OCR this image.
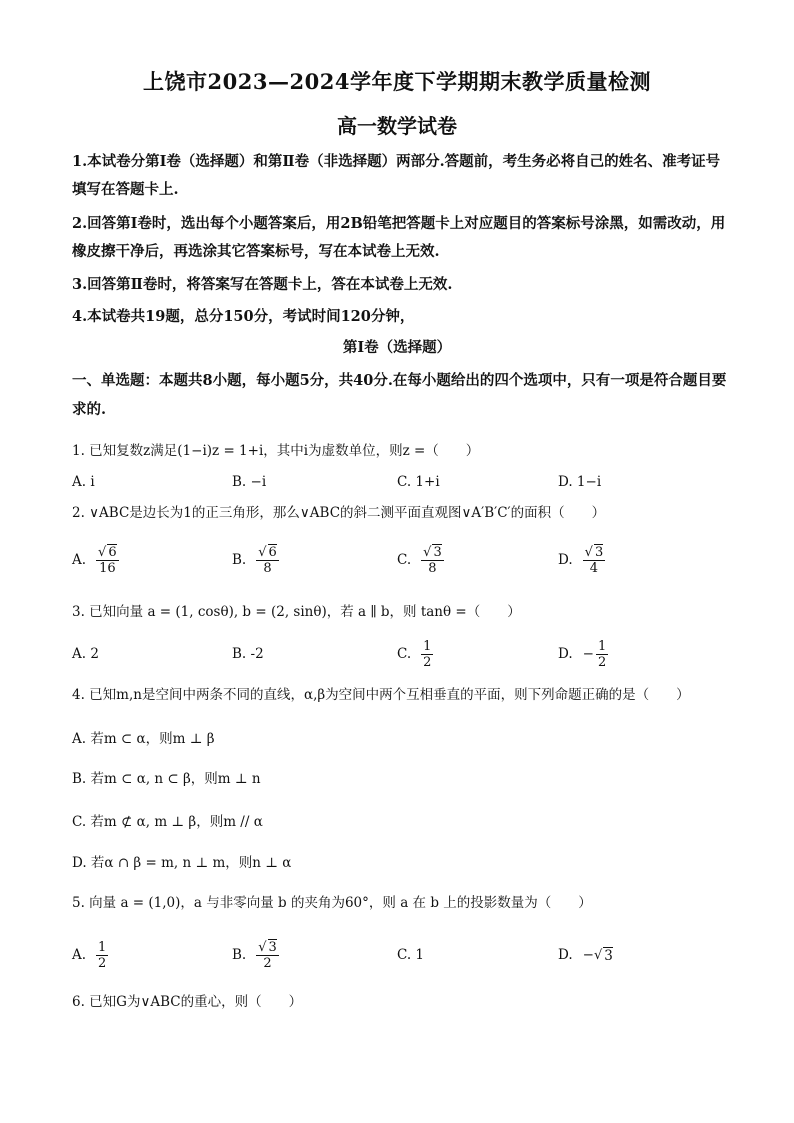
上饶市2023—2024学年度下学期期末教学质量检测
高一数学试卷
1.本试卷分第Ⅰ卷（选择题）和第Ⅱ卷（非选择题）两部分.答题前，考生务必将自己的姓名、准考证号填写在答题卡上.
2.回答第Ⅰ卷时，选出每个小题答案后，用2B铅笔把答题卡上对应题目的答案标号涂黑，如需改动，用橡皮擦干净后，再选涂其它答案标号，写在本试卷上无效.
3.回答第Ⅱ卷时，将答案写在答题卡上，答在本试卷上无效.
4.本试卷共19题，总分150分，考试时间120分钟，
第Ⅰ卷（选择题）
一、单选题：本题共8小题，每小题5分，共40分.在每小题给出的四个选项中，只有一项是符合题目要求的.
1. 已知复数z满足(1−i)z = 1+i，其中i为虚数单位，则z =（　　）
A. i	B. −i	C. 1+i	D. 1−i
2. ∨ABC是边长为1的正三角形，那么∨ABC的斜二测平面直观图∨A′B′C′的面积（　　）
A. $\frac{√ 6}{16}$	B. $\frac{√ 6}{8}$	C. $\frac{√ 3}{8}$	D. $\frac{√ 3}{4}$
3. 已知向量 a = (1, cosθ), b = (2, sinθ)，若 a ∥ b，则 tanθ =（　　）
A. 2	B. -2	C. $\frac{1}{2}$	D. − $\frac{1}{2}$
4. 已知m,n是空间中两条不同的直线，α,β为空间中两个互相垂直的平面，则下列命题正确的是（　　）
A. 若m ⊂ α，则m ⊥ β
B. 若m ⊂ α, n ⊂ β，则m ⊥ n
C. 若m ⊄ α, m ⊥ β，则m // α
D. 若α ∩ β = m, n ⊥ m，则n ⊥ α
5. 向量 a = (1,0)，a 与非零向量 b 的夹角为60°，则 a 在 b 上的投影数量为（　　）
A. $\frac{1}{2}$	B. $\frac{√ 3}{2}$	C. 1	D. − √ 3
6. 已知G为∨ABC的重心，则（　　）
